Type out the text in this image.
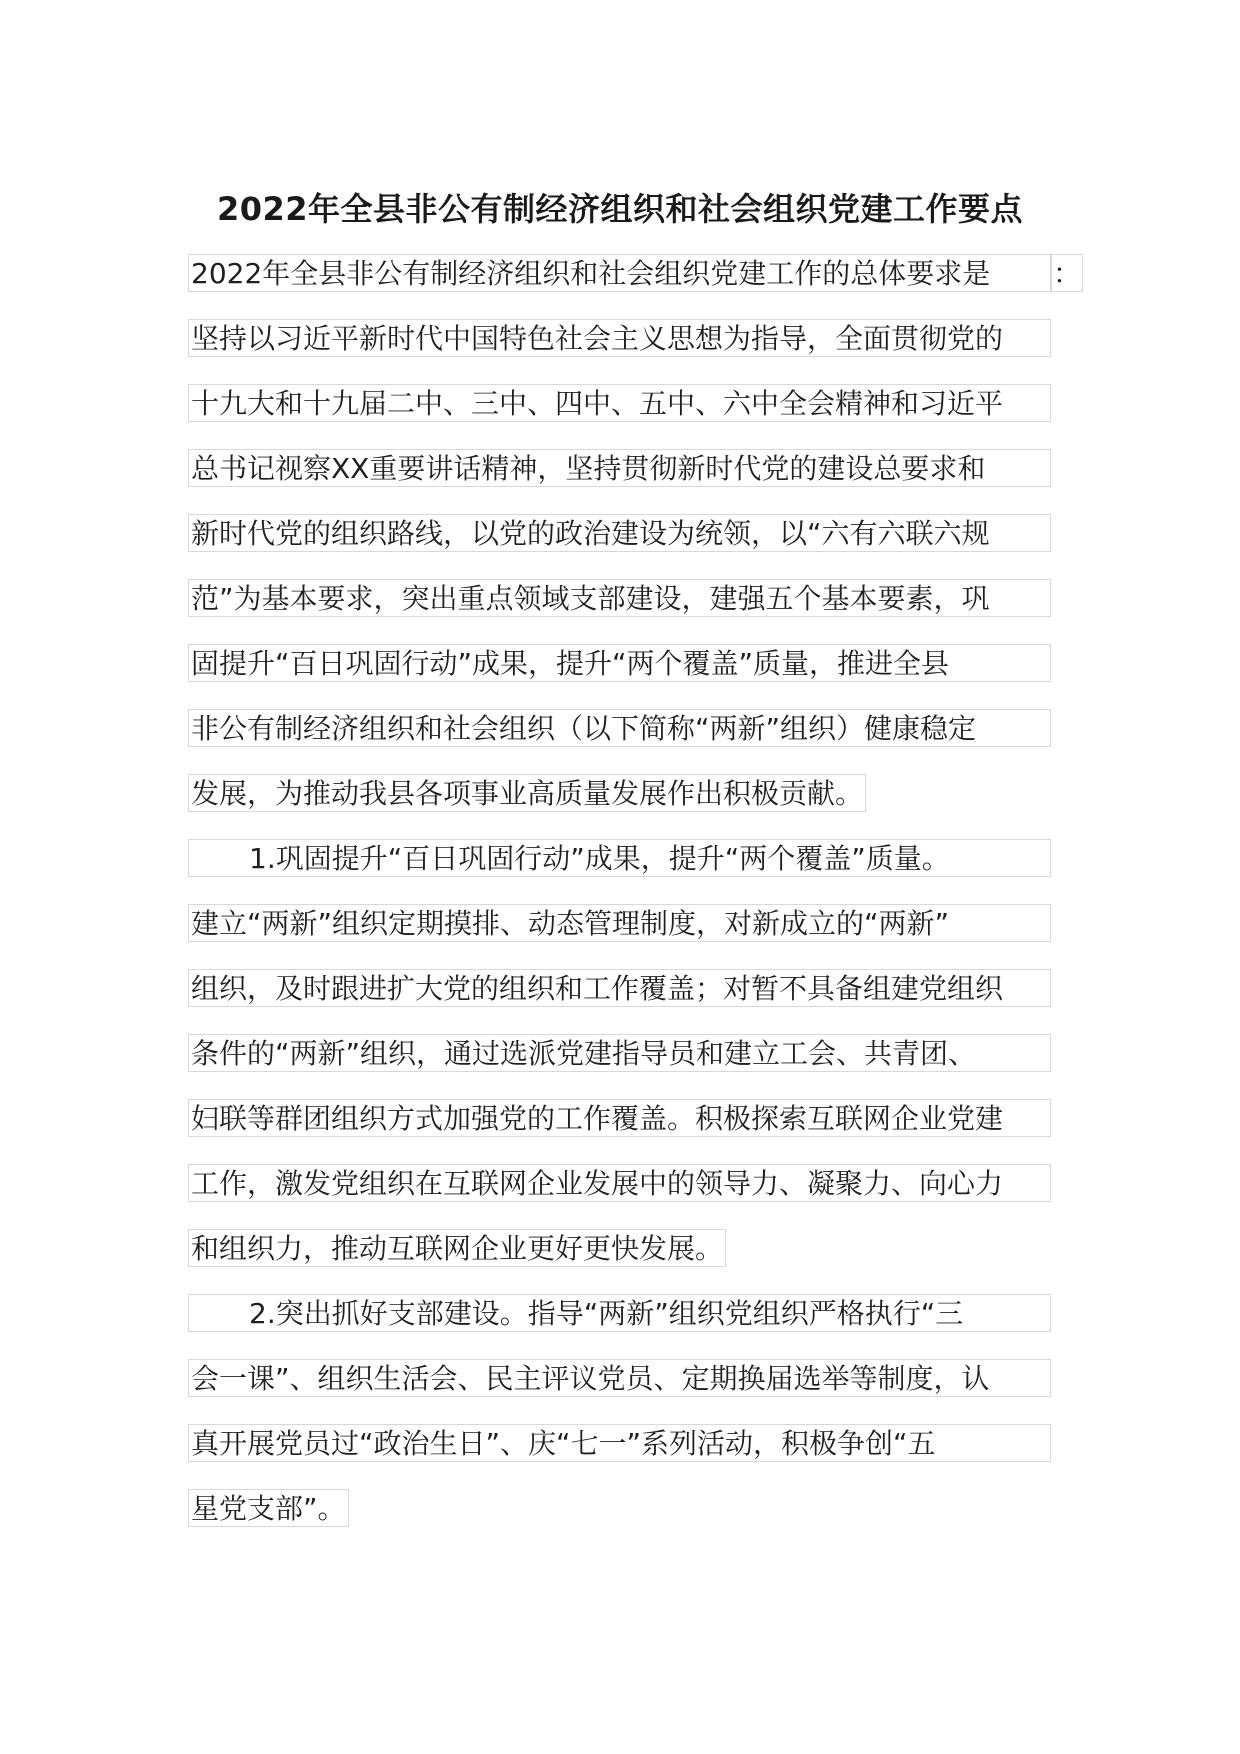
2022年全县非公有制经济组织和社会组织党建工作要点
2022年全县非公有制经济组织和社会组织党建工作的总体要求是 ：
坚持以习近平新时代中国特色社会主义思想为指导，全面贯彻党的
十九大和十九届二中、三中、四中、五中、六中全会精神和习近平
总书记视察XX重要讲话精神，坚持贯彻新时代党的建设总要求和
新时代党的组织路线，以党的政治建设为统领，以“六有六联六规
范”为基本要求，突出重点领域支部建设，建强五个基本要素，巩
固提升“百日巩固行动”成果，提升“两个覆盖”质量，推进全县
非公有制经济组织和社会组织（以下简称“两新”组织）健康稳定
发展，为推动我县各项事业高质量发展作出积极贡献。
1.巩固提升“百日巩固行动”成果，提升“两个覆盖”质量。
建立“两新”组织定期摸排、动态管理制度，对新成立的“两新”
组织，及时跟进扩大党的组织和工作覆盖；对暂不具备组建党组织
条件的“两新”组织，通过选派党建指导员和建立工会、共青团、
妇联等群团组织方式加强党的工作覆盖。积极探索互联网企业党建
工作，激发党组织在互联网企业发展中的领导力、凝聚力、向心力
和组织力，推动互联网企业更好更快发展。
2.突出抓好支部建设。指导“两新”组织党组织严格执行“三
会一课”、组织生活会、民主评议党员、定期换届选举等制度，认
真开展党员过“政治生日”、庆“七一”系列活动，积极争创“五
星党支部”。
